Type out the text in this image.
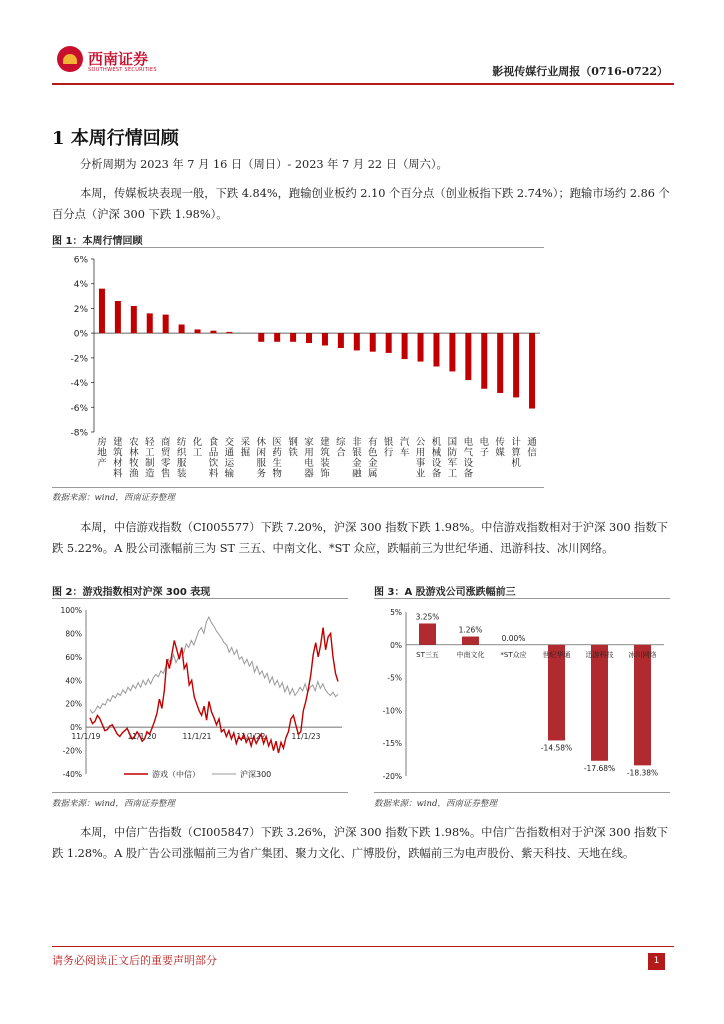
西南证券
SOUTHWEST SECURITIES	影视传媒行业周报（0716-0722）
1 本周行情回顾
分析周期为 2023 年 7 月 16 日（周日）- 2023 年 7 月 22 日（周六）。
本周，传媒板块表现一般，下跌 4.84%，跑输创业板约 2.10 个百分点（创业板指下跌 2.74%）；跑输市场约 2.86 个百分点（沪深 300 下跌 1.98%）。
图 1：本周行情回顾
6%
4%
2%
0%
-2%
-4%
-6%
-8%
房地产
建筑材料
农林牧渔
轻工制造
商贸零售
纺织服装
化工
食品饮料
交通运输
采掘
休闲服务
医药生物
钢铁
家用电器
建筑装饰
综合
非银金融
有色金属
银行
汽车
公用事业
机械设备
国防军工
电气设备
电子
传媒
计算机
通信
数据来源：wind，西南证券整理
本周，中信游戏指数（CI005577）下跌 7.20%，沪深 300 指数下跌 1.98%。中信游戏指数相对于沪深 300 指数下跌 5.22%。A 股公司涨幅前三为 ST 三五、中南文化、*ST 众应，跌幅前三为世纪华通、迅游科技、冰川网络。
图 2：游戏指数相对沪深 300 表现
100%
80%
60%
40%
20%
0%
-20%
-40%
11/1/19	11/1/20	11/1/21	11/1/22	11/1/23
游戏（中信）	沪深300
数据来源：wind，西南证券整理
图 3：A 股游戏公司涨跌幅前三
5%
0%
-5%
-10%
-15%
-20%
3.25%
ST三五
1.26%
中南文化
0.00%
*ST众应
-14.58%
世纪华通
-17.68%
迅游科技
-18.38%
冰川网络
数据来源：wind，西南证券整理
本周，中信广告指数（CI005847）下跌 3.26%，沪深 300 指数下跌 1.98%。中信广告指数相对于沪深 300 指数下跌 1.28%。A 股广告公司涨幅前三为省广集团、聚力文化、广博股份，跌幅前三为电声股份、紫天科技、天地在线。
请务必阅读正文后的重要声明部分	1
